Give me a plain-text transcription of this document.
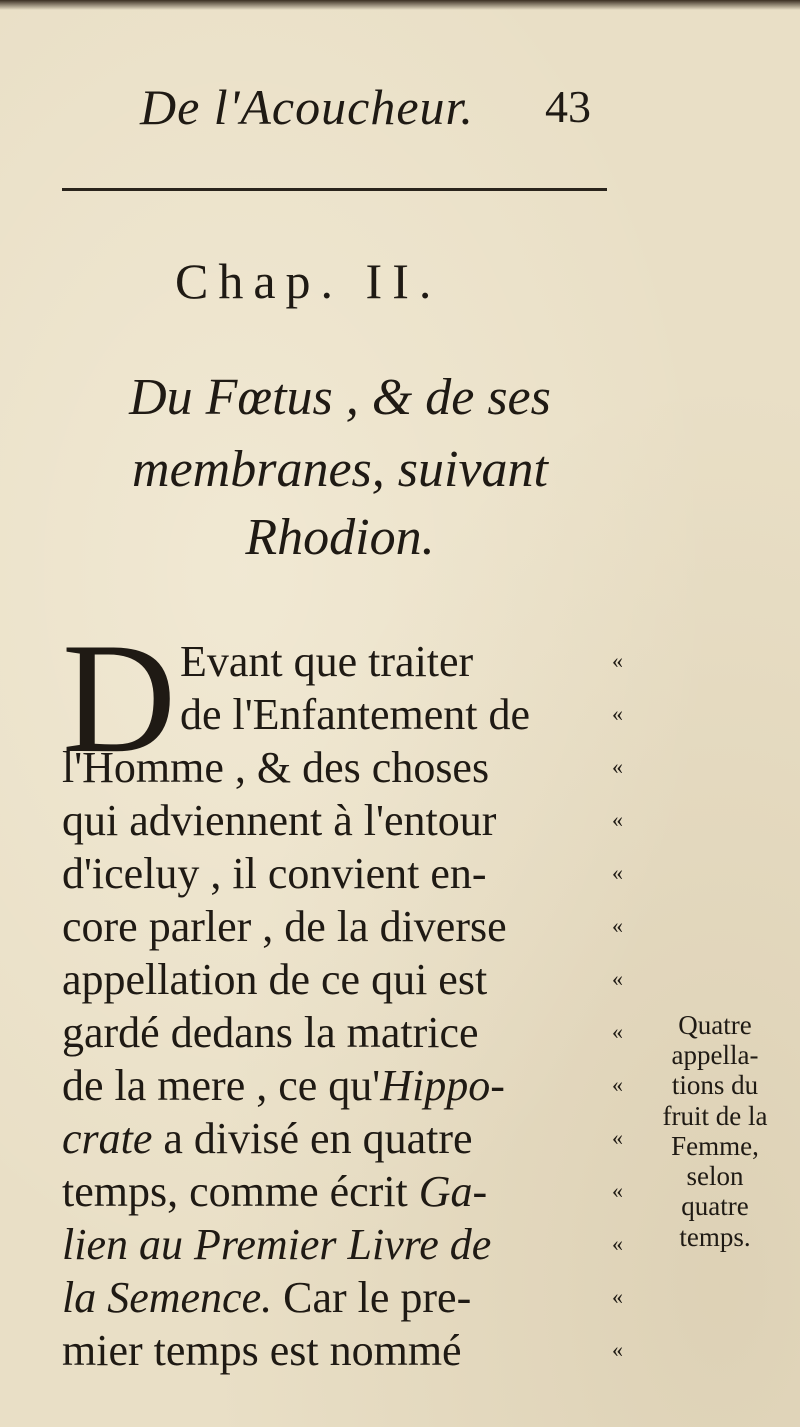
De l'Acoucheur. 43
Chap. II.
Du Fœtus , & de ses
membranes, suivant
Rhodion.
D Evant que traiter
de l'Enfantement de
l'Homme , & des choses
qui adviennent à l'entour
d'iceluy , il convient en-
core parler , de la diverse
appellation de ce qui est
gardé dedans la matrice
de la mere , ce qu'Hippo-
crate a divisé en quatre
temps, comme écrit Ga-
lien au Premier Livre de
la Semence. Car le pre-
mier temps est nommé
«
«
«
«
«
«
«
«
«
«
«
«
«
«
Quatre
appella-
tions du
fruit de la
Femme,
selon
quatre
temps.
